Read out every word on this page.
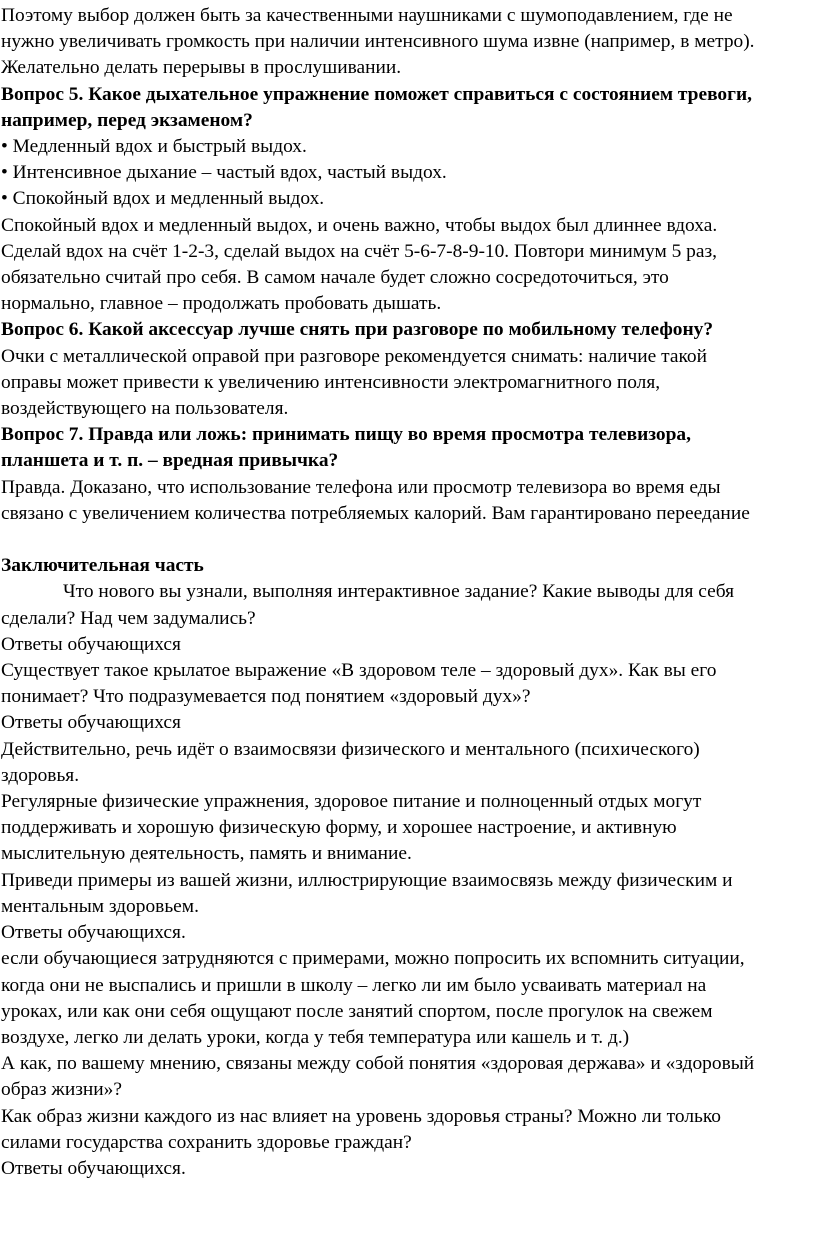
Поэтому выбор должен быть за качественными наушниками с шумоподавлением, где не

нужно увеличивать громкость при наличии интенсивного шума извне (например, в метро).

Желательно делать перерывы в прослушивании.

Вопрос 5. Какое дыхательное упражнение поможет справиться с состоянием тревоги,

например, перед экзаменом?

• Медленный вдох и быстрый выдох.

• Интенсивное дыхание – частый вдох, частый выдох.

• Спокойный вдох и медленный выдох.

Спокойный вдох и медленный выдох, и очень важно, чтобы выдох был длиннее вдоха.

Сделай вдох на счёт 1-2-3, сделай выдох на счёт 5-6-7-8-9-10. Повтори минимум 5 раз,

обязательно считай про себя. В самом начале будет сложно сосредоточиться, это

нормально, главное – продолжать пробовать дышать.

Вопрос 6. Какой аксессуар лучше снять при разговоре по мобильному телефону?

Очки с металлической оправой при разговоре рекомендуется снимать: наличие такой

оправы может привести к увеличению интенсивности электромагнитного поля,

воздействующего на пользователя.

Вопрос 7. Правда или ложь: принимать пищу во время просмотра телевизора,

планшета и т. п. – вредная привычка?

Правда. Доказано, что использование телефона или просмотр телевизора во время еды

связано с увеличением количества потребляемых калорий. Вам гарантировано переедание

Заключительная часть

Что нового вы узнали, выполняя интерактивное задание? Какие выводы для себя

сделали? Над чем задумались?

Ответы обучающихся

Существует такое крылатое выражение «В здоровом теле – здоровый дух». Как вы его

понимает? Что подразумевается под понятием «здоровый дух»?

Ответы обучающихся

Действительно, речь идёт о взаимосвязи физического и ментального (психического)

здоровья.

Регулярные физические упражнения, здоровое питание и полноценный отдых могут

поддерживать и хорошую физическую форму, и хорошее настроение, и активную

мыслительную деятельность, память и внимание.

Приведи примеры из вашей жизни, иллюстрирующие взаимосвязь между физическим и

ментальным здоровьем.

Ответы обучающихся.

если обучающиеся затрудняются с примерами, можно попросить их вспомнить ситуации,

когда они не выспались и пришли в школу – легко ли им было усваивать материал на

уроках, или как они себя ощущают после занятий спортом, после прогулок на свежем

воздухе, легко ли делать уроки, когда у тебя температура или кашель и т. д.)

А как, по вашему мнению, связаны между собой понятия «здоровая держава» и «здоровый

образ жизни»?

Как образ жизни каждого из нас влияет на уровень здоровья страны? Можно ли только

силами государства сохранить здоровье граждан?

Ответы обучающихся.
